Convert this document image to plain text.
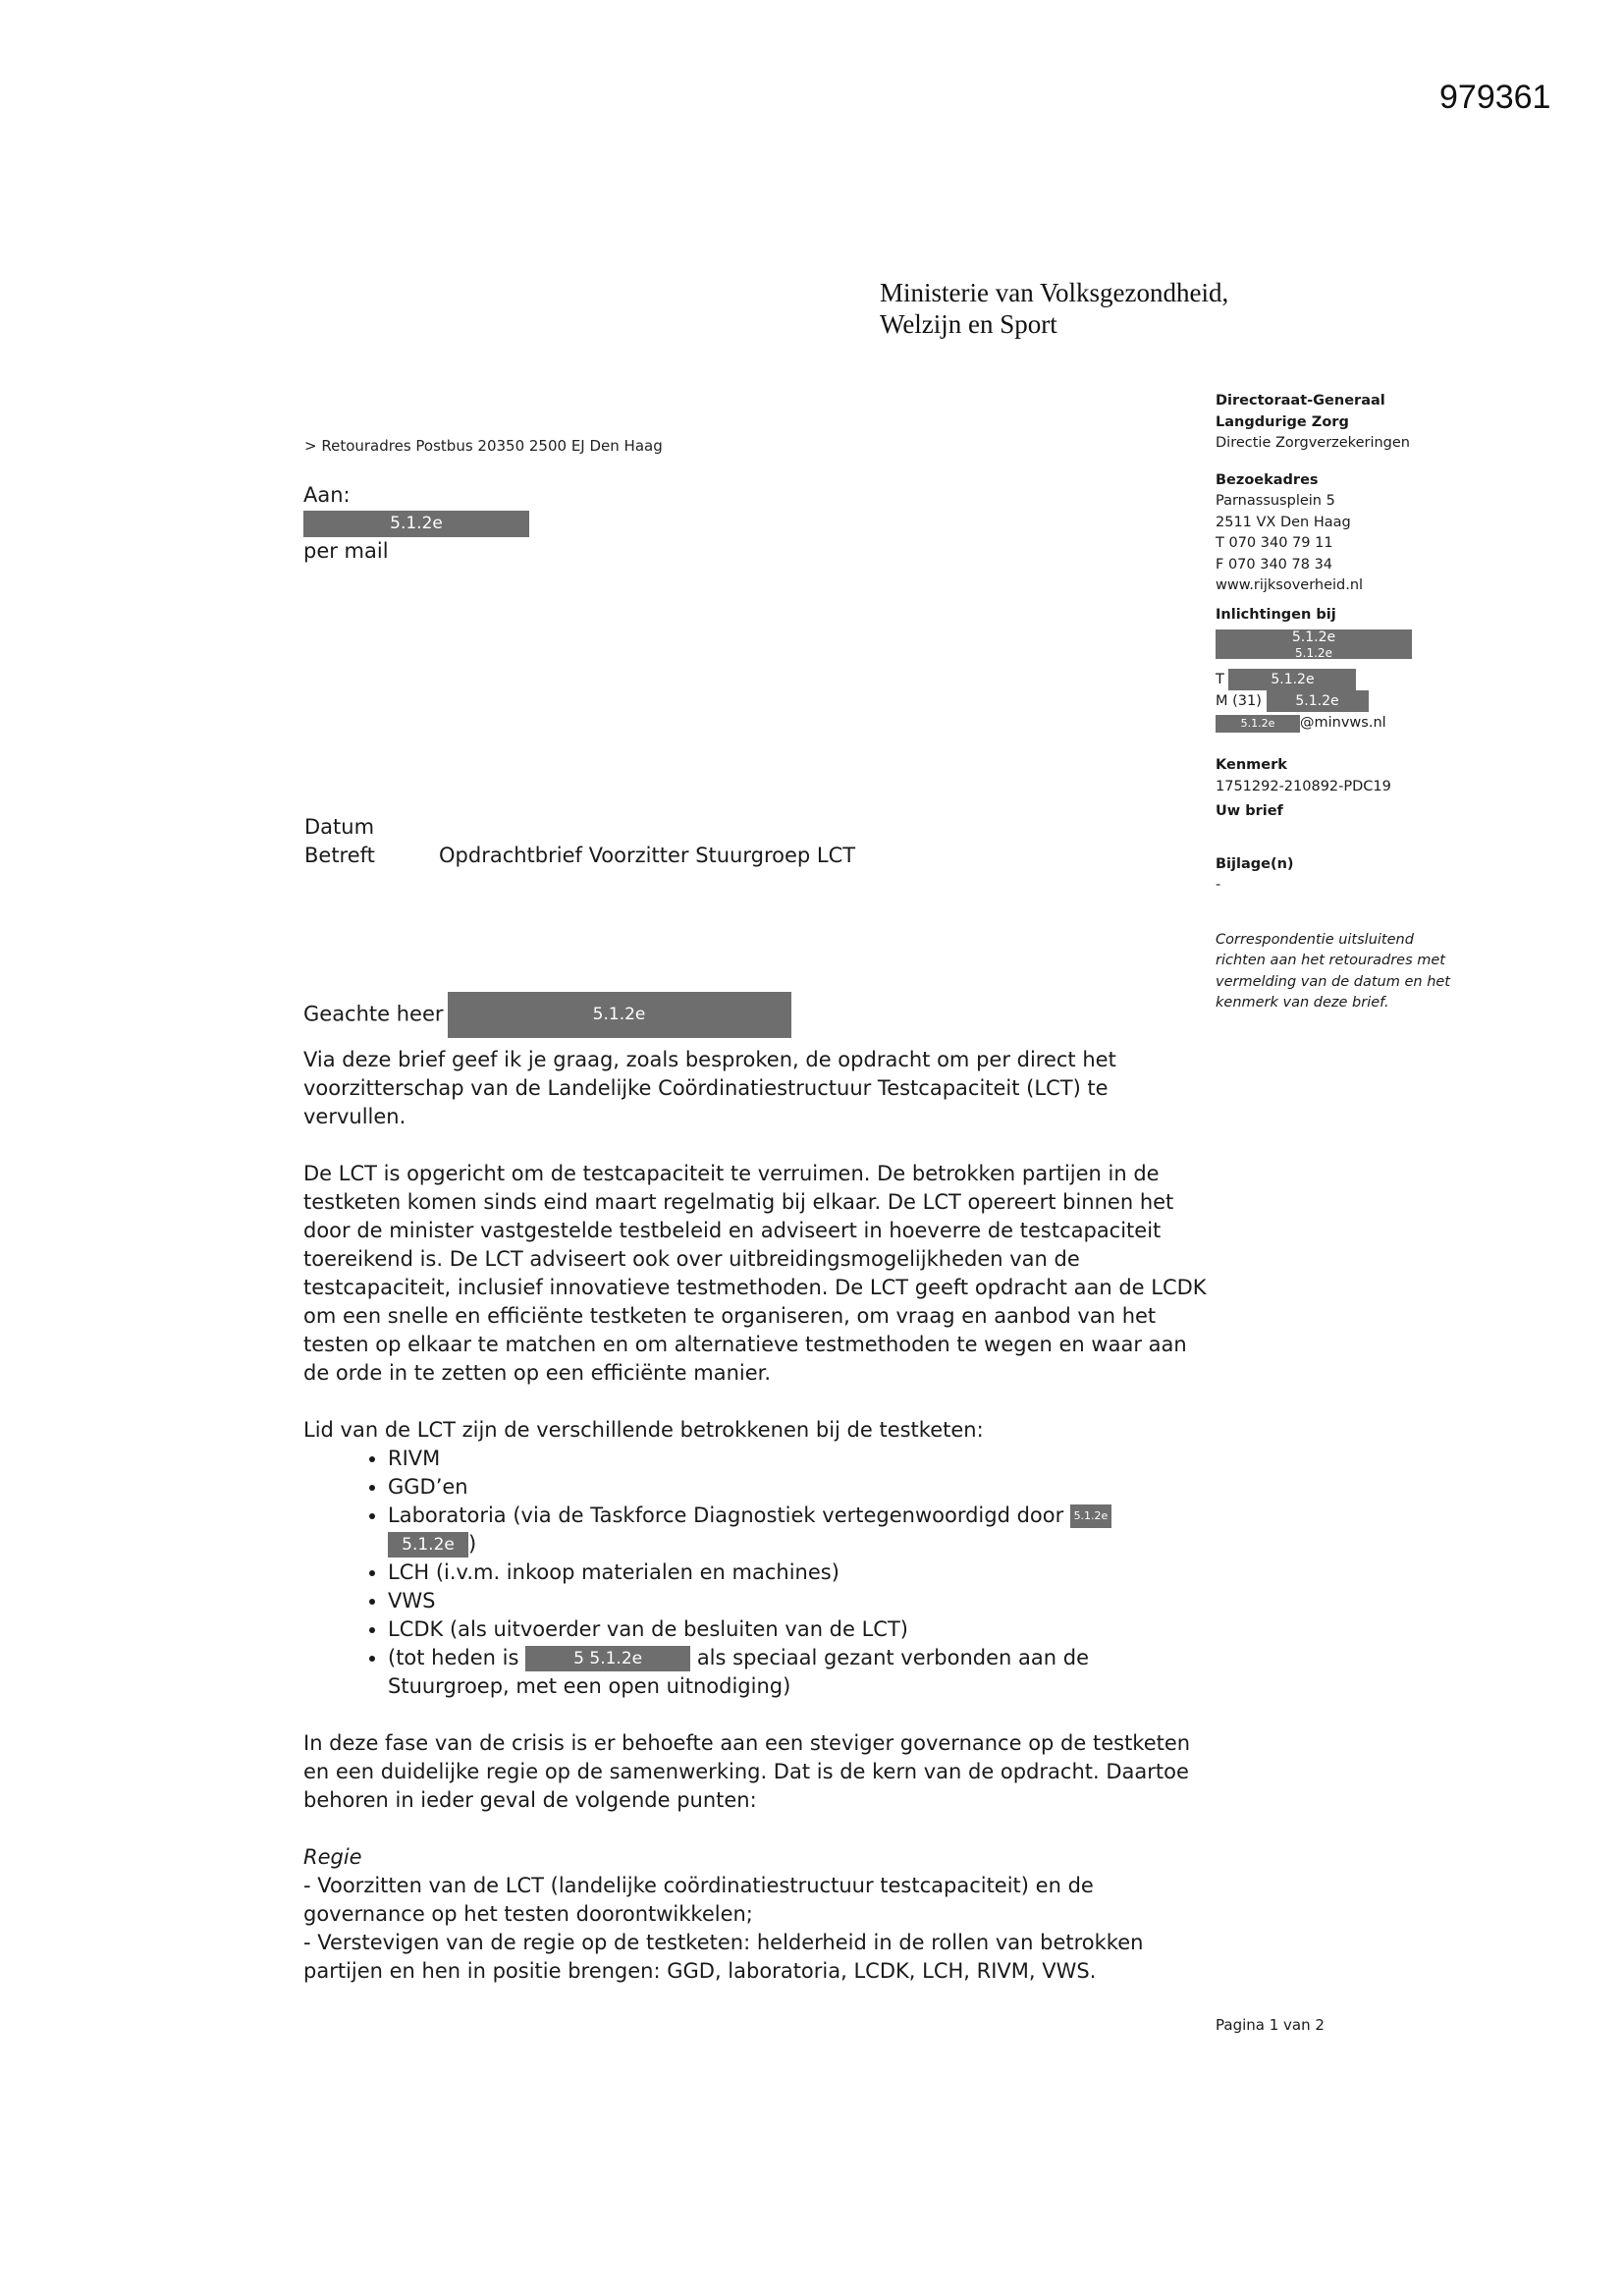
979361
Ministerie van Volksgezondheid,
Welzijn en Sport
> Retouradres Postbus 20350 2500 EJ Den Haag
Aan:
5.1.2e
per mail
Datum
Betreft	Opdrachtbrief Voorzitter Stuurgroep LCT
Directoraat-Generaal
Langdurige Zorg
Directie Zorgverzekeringen
Bezoekadres
Parnassusplein 5
2511 VX Den Haag
T 070 340 79 11
F 070 340 78 34
www.rijksoverheid.nl
Inlichtingen bij
5.1.2e
5.1.2e
T	5.1.2e
M (31) 5.1.2e
5.1.2e @minvws.nl
Kenmerk
1751292-210892-PDC19
Uw brief
Bijlage(n)
-
Correspondentie uitsluitend richten aan het retouradres met vermelding van de datum en het kenmerk van deze brief.

Geachte heer	5.1.2e

Via deze brief geef ik je graag, zoals besproken, de opdracht om per direct het voorzitterschap van de Landelijke Coördinatiestructuur Testcapaciteit (LCT) te vervullen.

De LCT is opgericht om de testcapaciteit te verruimen. De betrokken partijen in de testketen komen sinds eind maart regelmatig bij elkaar. De LCT opereert binnen het door de minister vastgestelde testbeleid en adviseert in hoeverre de testcapaciteit toereikend is. De LCT adviseert ook over uitbreidingsmogelijkheden van de testcapaciteit, inclusief innovatieve testmethoden. De LCT geeft opdracht aan de LCDK om een snelle en efficiënte testketen te organiseren, om vraag en aanbod van het testen op elkaar te matchen en om alternatieve testmethoden te wegen en waar aan de orde in te zetten op een efficiënte manier.

Lid van de LCT zijn de verschillende betrokkenen bij de testketen:
• RIVM
• GGD’en
• Laboratoria (via de Taskforce Diagnostiek vertegenwoordigd door 5.1.2e
5.1.2e )
• LCH (i.v.m. inkoop materialen en machines)
• VWS
• LCDK (als uitvoerder van de besluiten van de LCT)
• (tot heden is	5 5.1.2e	als speciaal gezant verbonden aan de Stuurgroep, met een open uitnodiging)

In deze fase van de crisis is er behoefte aan een steviger governance op de testketen en een duidelijke regie op de samenwerking. Dat is de kern van de opdracht. Daartoe behoren in ieder geval de volgende punten:

Regie
- Voorzitten van de LCT (landelijke coördinatiestructuur testcapaciteit) en de governance op het testen doorontwikkelen;
- Verstevigen van de regie op de testketen: helderheid in de rollen van betrokken partijen en hen in positie brengen: GGD, laboratoria, LCDK, LCH, RIVM, VWS.
Pagina 1 van 2
